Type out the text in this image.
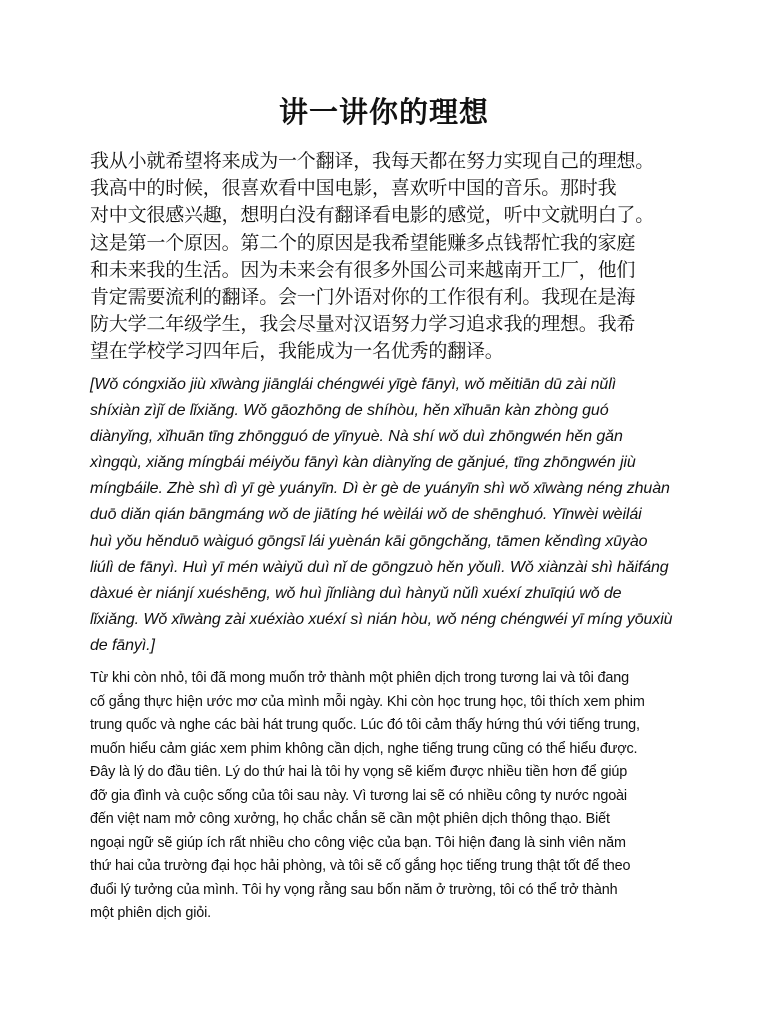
讲一讲你的理想
我从小就希望将来成为一个翻译，我每天都在努力实现自己的理想。
我高中的时候，很喜欢看中国电影，喜欢听中国的音乐。那时我
对中文很感兴趣，想明白没有翻译看电影的感觉，听中文就明白了。
这是第一个原因。第二个的原因是我希望能赚多点钱帮忙我的家庭
和未来我的生活。因为未来会有很多外国公司来越南开工厂，他们
肯定需要流利的翻译。会一门外语对你的工作很有利。我现在是海
防大学二年级学生，我会尽量对汉语努力学习追求我的理想。我希
望在学校学习四年后，我能成为一名优秀的翻译。
[Wǒ cóngxiǎo jiù xīwàng jiānglái chéngwéi yīgè fānyì, wǒ měitiān dū zài nǔlì
shíxiàn zìjǐ de lǐxiǎng. Wǒ gāozhōng de shíhòu, hěn xǐhuān kàn zhòng guó
diànyǐng, xǐhuān tīng zhōngguó de yīnyuè. Nà shí wǒ duì zhōngwén hěn gǎn
xìngqù, xiǎng míngbái méiyǒu fānyì kàn diànyǐng de gǎnjué, tīng zhōngwén jiù
míngbáile. Zhè shì dì yī gè yuányīn. Dì èr gè de yuányīn shì wǒ xīwàng néng zhuàn
duō diǎn qián bāngmáng wǒ de jiātíng hé wèilái wǒ de shēnghuó. Yīnwèi wèilái
huì yǒu hěnduō wàiguó gōngsī lái yuènán kāi gōngchǎng, tāmen kěndìng xūyào
liúlì de fānyì. Huì yī mén wàiyǔ duì nǐ de gōngzuò hěn yǒulì. Wǒ xiànzài shì hǎifáng
dàxué èr niánjí xuéshēng, wǒ huì jǐnliàng duì hànyǔ nǔlì xuéxí zhuīqiú wǒ de
lǐxiǎng. Wǒ xīwàng zài xuéxiào xuéxí sì nián hòu, wǒ néng chéngwéi yī míng yōuxiù
de fānyì.]
Từ khi còn nhỏ, tôi đã mong muốn trở thành một phiên dịch trong tương lai và tôi đang
cố gắng thực hiện ước mơ của mình mỗi ngày. Khi còn học trung học, tôi thích xem phim
trung quốc và nghe các bài hát trung quốc. Lúc đó tôi cảm thấy hứng thú với tiếng trung,
muốn hiểu cảm giác xem phim không cần dịch, nghe tiếng trung cũng có thể hiểu được.
Đây là lý do đầu tiên. Lý do thứ hai là tôi hy vọng sẽ kiếm được nhiều tiền hơn để giúp
đỡ gia đình và cuộc sống của tôi sau này. Vì tương lai sẽ có nhiều công ty nước ngoài
đến việt nam mở công xưởng, họ chắc chắn sẽ cần một phiên dịch thông thạo. Biết
ngoại ngữ sẽ giúp ích rất nhiều cho công việc của bạn. Tôi hiện đang là sinh viên năm
thứ hai của trường đại học hải phòng, và tôi sẽ cố gắng học tiếng trung thật tốt để theo
đuổi lý tưởng của mình. Tôi hy vọng rằng sau bốn năm ở trường, tôi có thể trở thành
một phiên dịch giỏi.
